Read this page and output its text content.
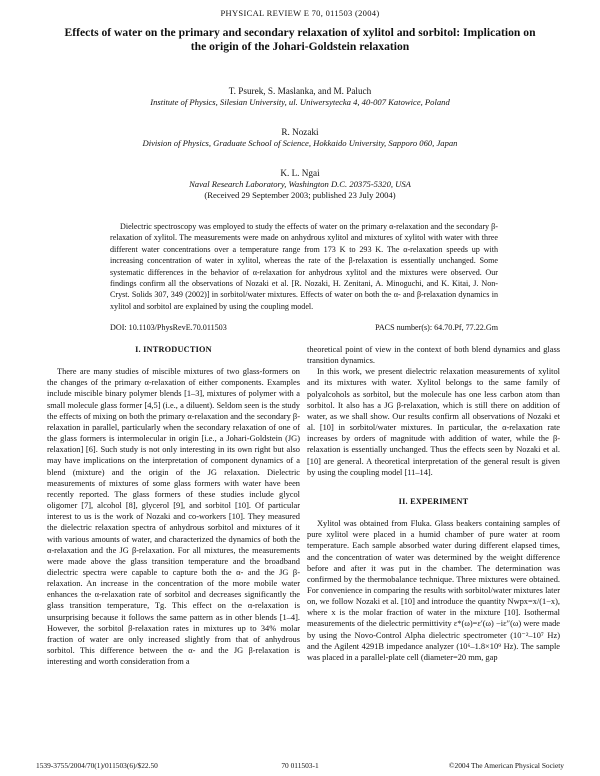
PHYSICAL REVIEW E 70, 011503 (2004)
Effects of water on the primary and secondary relaxation of xylitol and sorbitol: Implication on the origin of the Johari-Goldstein relaxation
T. Psurek, S. Maslanka, and M. Paluch
Institute of Physics, Silesian University, ul. Uniwersytecka 4, 40-007 Katowice, Poland
R. Nozaki
Division of Physics, Graduate School of Science, Hokkaido University, Sapporo 060, Japan
K. L. Ngai
Naval Research Laboratory, Washington D.C. 20375-5320, USA
(Received 29 September 2003; published 23 July 2004)
Dielectric spectroscopy was employed to study the effects of water on the primary α-relaxation and the secondary β-relaxation of xylitol. The measurements were made on anhydrous xylitol and mixtures of xylitol with water with three different water concentrations over a temperature range from 173 K to 293 K. The α-relaxation speeds up with increasing concentration of water in xylitol, whereas the rate of the β-relaxation is essentially unchanged. Some systematic differences in the behavior of α-relaxation for anhydrous xylitol and the mixtures were observed. Our findings confirm all the observations of Nozaki et al. [R. Nozaki, H. Zenitani, A. Minoguchi, and K. Kitai, J. Non-Cryst. Solids 307, 349 (2002)] in sorbitol/water mixtures. Effects of water on both the α- and β-relaxation dynamics in xylitol and sorbitol are explained by using the coupling model.
DOI: 10.1103/PhysRevE.70.011503	PACS number(s): 64.70.Pf, 77.22.Gm
I. INTRODUCTION

There are many studies of miscible mixtures of two glass-formers on the changes of the primary α-relaxation of either components. Examples include miscible binary polymer blends [1–3], mixtures of polymer with a small molecule glass former [4,5] (i.e., a diluent). Seldom seen is the study the effects of mixing on both the primary α-relaxation and the secondary β-relaxation in parallel, particularly when the secondary relaxation of one of the glass formers is intermolecular in origin [i.e., a Johari-Goldstein (JG) relaxation] [6]. Such study is not only interesting in its own right but also may have implications on the interpretation of component dynamics of a blend (mixture) and the origin of the JG relaxation. Dielectric measurements of mixtures of some glass formers with water have been recently reported. The glass formers of these studies include glycol oligomer [7], alcohol [8], glycerol [9], and sorbitol [10]. Of particular interest to us is the work of Nozaki and co-workers [10]. They measured the dielectric relaxation spectra of anhydrous sorbitol and mixtures of it with various amounts of water, and characterized the dynamics of both the α-relaxation and the JG β-relaxation. For all mixtures, the measurements were made above the glass transition temperature and the broadband dielectric spectra were capable to capture both the α- and the JG β-relaxation. An increase in the concentration of the more mobile water enhances the α-relaxation rate of sorbitol and decreases significantly the glass transition temperature, Tg. This effect on the α-relaxation is unsurprising because it follows the same pattern as in other blends [1–4]. However, the sorbitol β-relaxation rates in mixtures up to 34% molar fraction of water are only increased slightly from that of anhydrous sorbitol. This difference between the α- and the JG β-relaxation is interesting and worth consideration from a

theoretical point of view in the context of both blend dynamics and glass transition dynamics.

In this work, we present dielectric relaxation measurements of xylitol and its mixtures with water. Xylitol belongs to the same family of polyalcohols as sorbitol, but the molecule has one less carbon atom than sorbitol. It also has a JG β-relaxation, which is still there on addition of water, as we shall show. Our results confirm all observations of Nozaki et al. [10] in sorbitol/water mixtures. In particular, the α-relaxation rate increases by orders of magnitude with addition of water, while the β-relaxation is essentially unchanged. Thus the effects seen by Nozaki et al. [10] are general. A theoretical interpretation of the general result is given by using the coupling model [11–14].

II. EXPERIMENT

Xylitol was obtained from Fluka. Glass beakers containing samples of pure xylitol were placed in a humid chamber of pure water at room temperature. Each sample absorbed water during different elapsed times, and the concentration of water was determined by the weight difference before and after it was put in the chamber. The determination was confirmed by the thermobalance technique. Three mixtures were obtained. For convenience in comparing the results with sorbitol/water mixtures later on, we follow Nozaki et al. [10] and introduce the quantity Nwpx=x/(1−x), where x is the molar fraction of water in the mixture [10]. Isothermal measurements of the dielectric permittivity ε*(ω)=ε′(ω) −iε″(ω) were made by using the Novo-Control Alpha dielectric spectrometer (10⁻²–10⁷ Hz) and the Agilent 4291B impedance analyzer (10⁶–1.8×10⁹ Hz). The sample was placed in a parallel-plate cell (diameter=20 mm, gap

1539-3755/2004/70(1)/011503(6)/$22.50	70 011503-1	©2004 The American Physical Society
